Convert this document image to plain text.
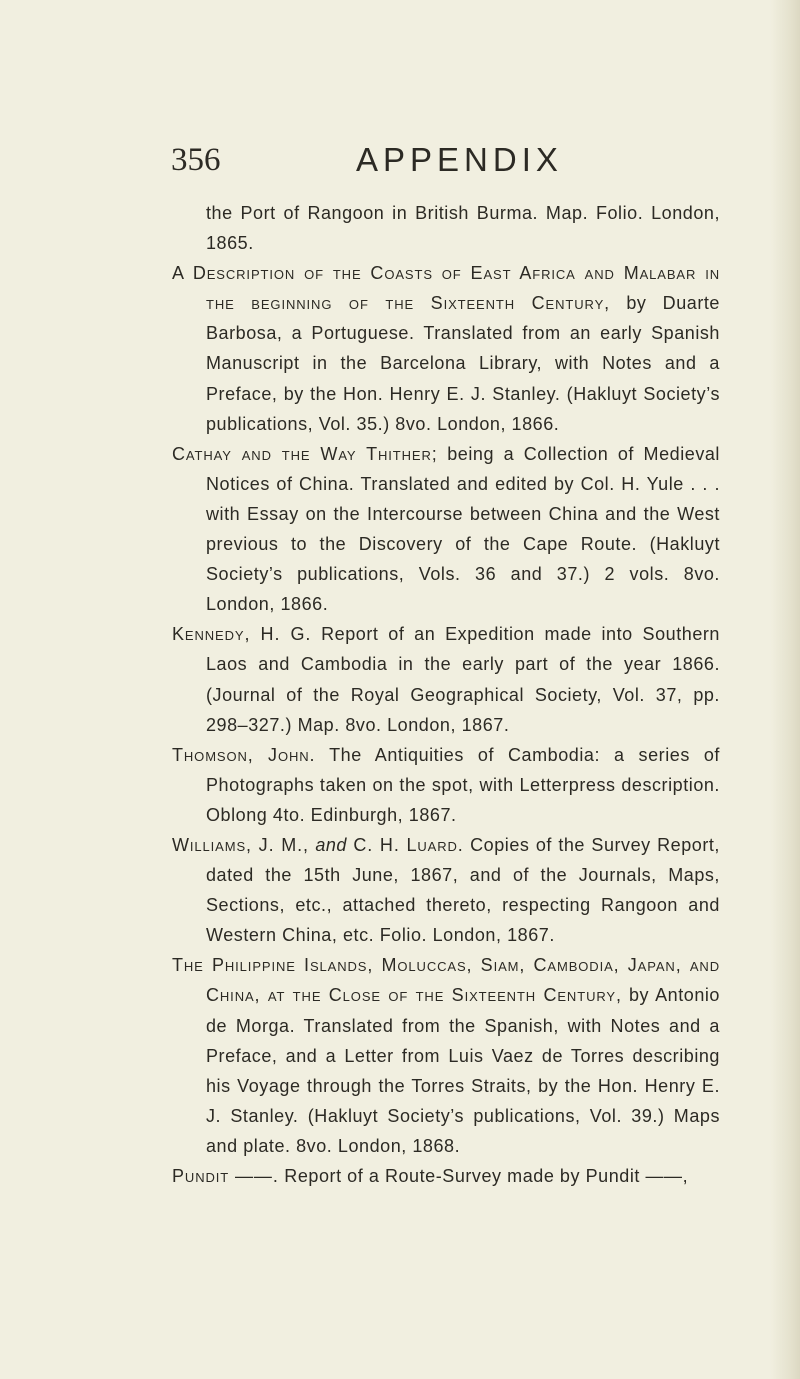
356	APPENDIX

the Port of Rangoon in British Burma. Map. Folio. London, 1865.

A Description of the Coasts of East Africa and Malabar in the beginning of the Sixteenth Century, by Duarte Barbosa, a Portuguese. Translated from an early Spanish Manuscript in the Barcelona Library, with Notes and a Preface, by the Hon. Henry E. J. Stanley. (Hakluyt Society’s publications, Vol. 35.) 8vo. London, 1866.

Cathay and the Way Thither; being a Collection of Medieval Notices of China. Translated and edited by Col. H. Yule . . . with Essay on the Intercourse between China and the West previous to the Discovery of the Cape Route. (Hakluyt Society’s publications, Vols. 36 and 37.) 2 vols. 8vo. London, 1866.

Kennedy, H. G. Report of an Expedition made into Southern Laos and Cambodia in the early part of the year 1866. (Journal of the Royal Geographical Society, Vol. 37, pp. 298–327.) Map. 8vo. London, 1867.

Thomson, John. The Antiquities of Cambodia: a series of Photographs taken on the spot, with Letterpress description. Oblong 4to. Edinburgh, 1867.

Williams, J. M., and C. H. Luard. Copies of the Survey Report, dated the 15th June, 1867, and of the Journals, Maps, Sections, etc., attached thereto, respecting Rangoon and Western China, etc. Folio. London, 1867.

The Philippine Islands, Moluccas, Siam, Cambodia, Japan, and China, at the Close of the Sixteenth Century, by Antonio de Morga. Translated from the Spanish, with Notes and a Preface, and a Letter from Luis Vaez de Torres describing his Voyage through the Torres Straits, by the Hon. Henry E. J. Stanley. (Hakluyt Society’s publications, Vol. 39.) Maps and plate. 8vo. London, 1868.

Pundit ——. Report of a Route-Survey made by Pundit ——,
